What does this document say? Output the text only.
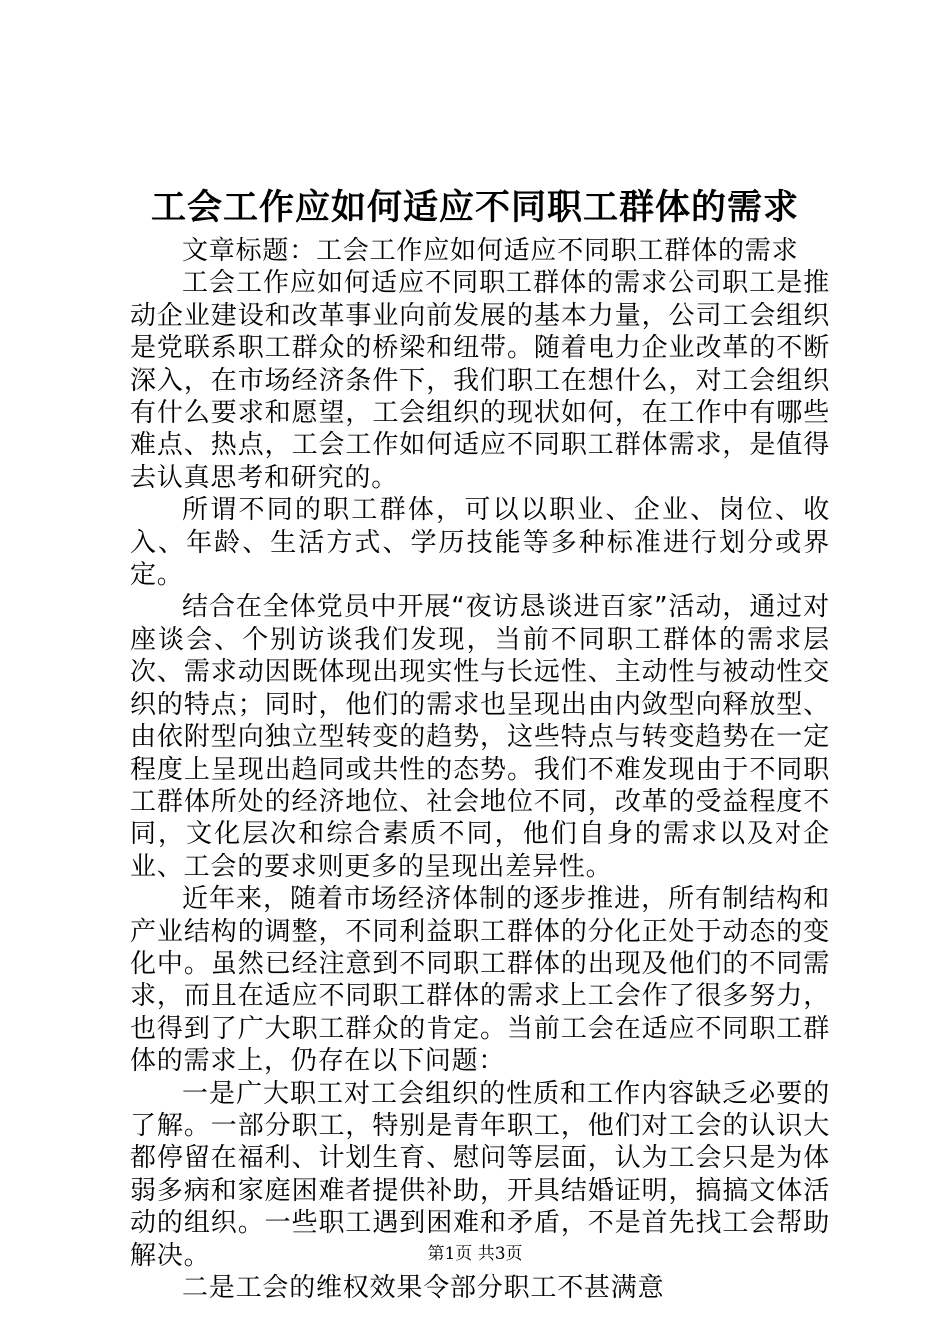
工会工作应如何适应不同职工群体的需求

文章标题：工会工作应如何适应不同职工群体的需求

工会工作应如何适应不同职工群体的需求公司职工是推动企业建设和改革事业向前发展的基本力量，公司工会组织是党联系职工群众的桥梁和纽带。随着电力企业改革的不断深入，在市场经济条件下，我们职工在想什么，对工会组织有什么要求和愿望，工会组织的现状如何，在工作中有哪些难点、热点，工会工作如何适应不同职工群体需求，是值得去认真思考和研究的。

所谓不同的职工群体，可以以职业、企业、岗位、收入、年龄、生活方式、学历技能等多种标准进行划分或界定。

结合在全体党员中开展“夜访恳谈进百家”活动，通过对座谈会、个别访谈我们发现，当前不同职工群体的需求层次、需求动因既体现出现实性与长远性、主动性与被动性交织的特点；同时，他们的需求也呈现出由内敛型向释放型、由依附型向独立型转变的趋势，这些特点与转变趋势在一定程度上呈现出趋同或共性的态势。我们不难发现由于不同职工群体所处的经济地位、社会地位不同，改革的受益程度不同，文化层次和综合素质不同，他们自身的需求以及对企业、工会的要求则更多的呈现出差异性。

近年来，随着市场经济体制的逐步推进，所有制结构和产业结构的调整，不同利益职工群体的分化正处于动态的变化中。虽然已经注意到不同职工群体的出现及他们的不同需求，而且在适应不同职工群体的需求上工会作了很多努力，也得到了广大职工群众的肯定。当前工会在适应不同职工群体的需求上，仍存在以下问题：

一是广大职工对工会组织的性质和工作内容缺乏必要的了解。一部分职工，特别是青年职工，他们对工会的认识大都停留在福利、计划生育、慰问等层面，认为工会只是为体弱多病和家庭困难者提供补助，开具结婚证明，搞搞文体活动的组织。一些职工遇到困难和矛盾，不是首先找工会帮助解决。

二是工会的维权效果令部分职工不甚满意

第1页 共3页
